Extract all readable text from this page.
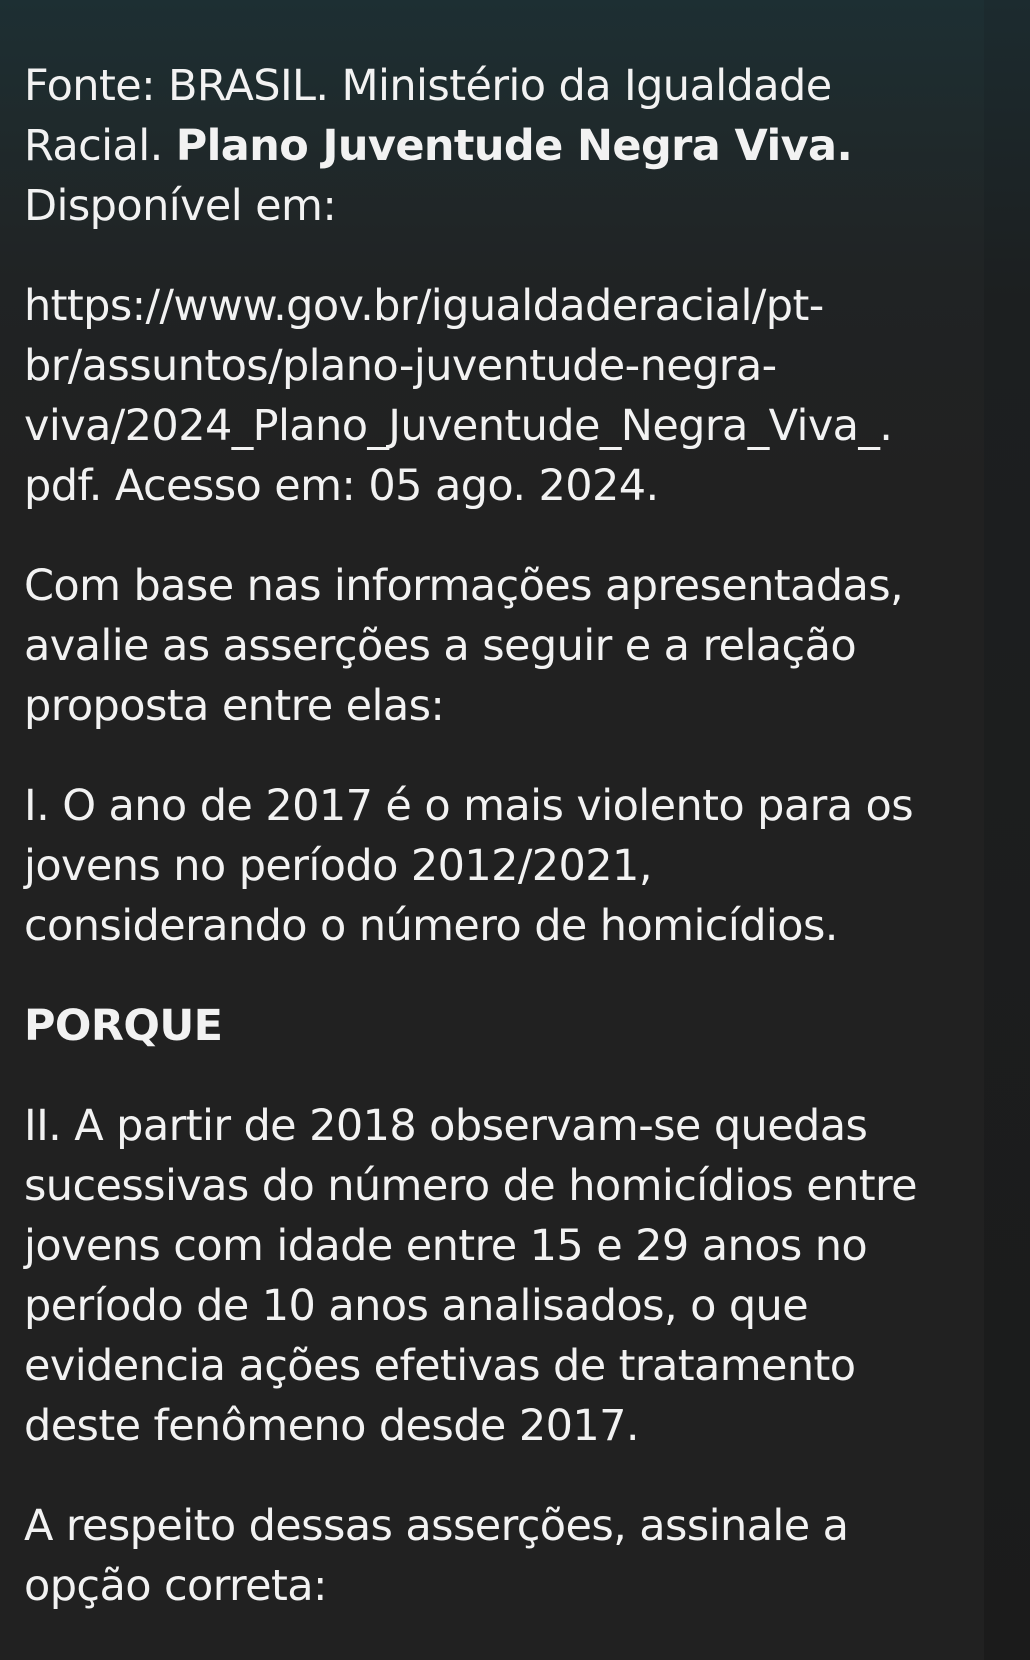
Fonte: BRASIL. Ministério da Igualdade
Racial. Plano Juventude Negra Viva.
Disponível em:

https://www.gov.br/igualdaderacial/pt-
br/assuntos/plano-juventude-negra-
viva/2024_Plano_Juventude_Negra_Viva_.
pdf. Acesso em: 05 ago. 2024.

Com base nas informações apresentadas,
avalie as asserções a seguir e a relação
proposta entre elas:

I. O ano de 2017 é o mais violento para os
jovens no período 2012/2021,
considerando o número de homicídios.

PORQUE

II. A partir de 2018 observam-se quedas
sucessivas do número de homicídios entre
jovens com idade entre 15 e 29 anos no
período de 10 anos analisados, o que
evidencia ações efetivas de tratamento
deste fenômeno desde 2017.

A respeito dessas asserções, assinale a
opção correta:
